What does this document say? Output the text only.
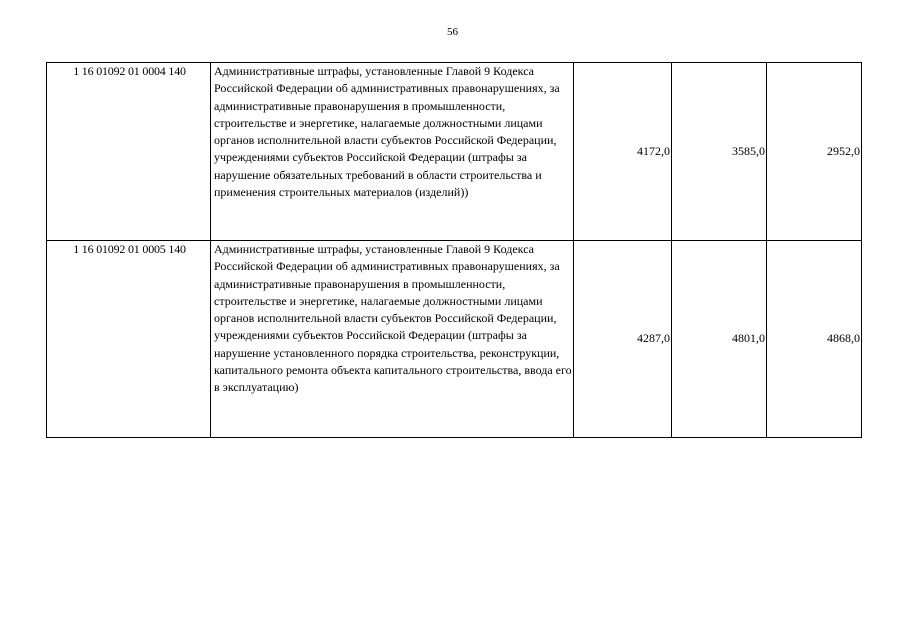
56
1 16 01092 01 0004 140	Административные штрафы, установленные Главой 9 Кодекса Российской Федерации об административных правонарушениях, за административные правонарушения в промышленности, строительстве и энергетике, налагаемые должностными лицами органов исполнительной власти субъектов Российской Федерации, учреждениями субъектов Российской Федерации (штрафы за нарушение обязательных требований в области строительства и применения строительных материалов (изделий))	4172,0	3585,0	2952,0
1 16 01092 01 0005 140	Административные штрафы, установленные Главой 9 Кодекса Российской Федерации об административных правонарушениях, за административные правонарушения в промышленности, строительстве и энергетике, налагаемые должностными лицами органов исполнительной власти субъектов Российской Федерации, учреждениями субъектов Российской Федерации (штрафы за нарушение установленного порядка строительства, реконструкции, капитального ремонта объекта капитального строительства, ввода его в эксплуатацию)	4287,0	4801,0	4868,0
